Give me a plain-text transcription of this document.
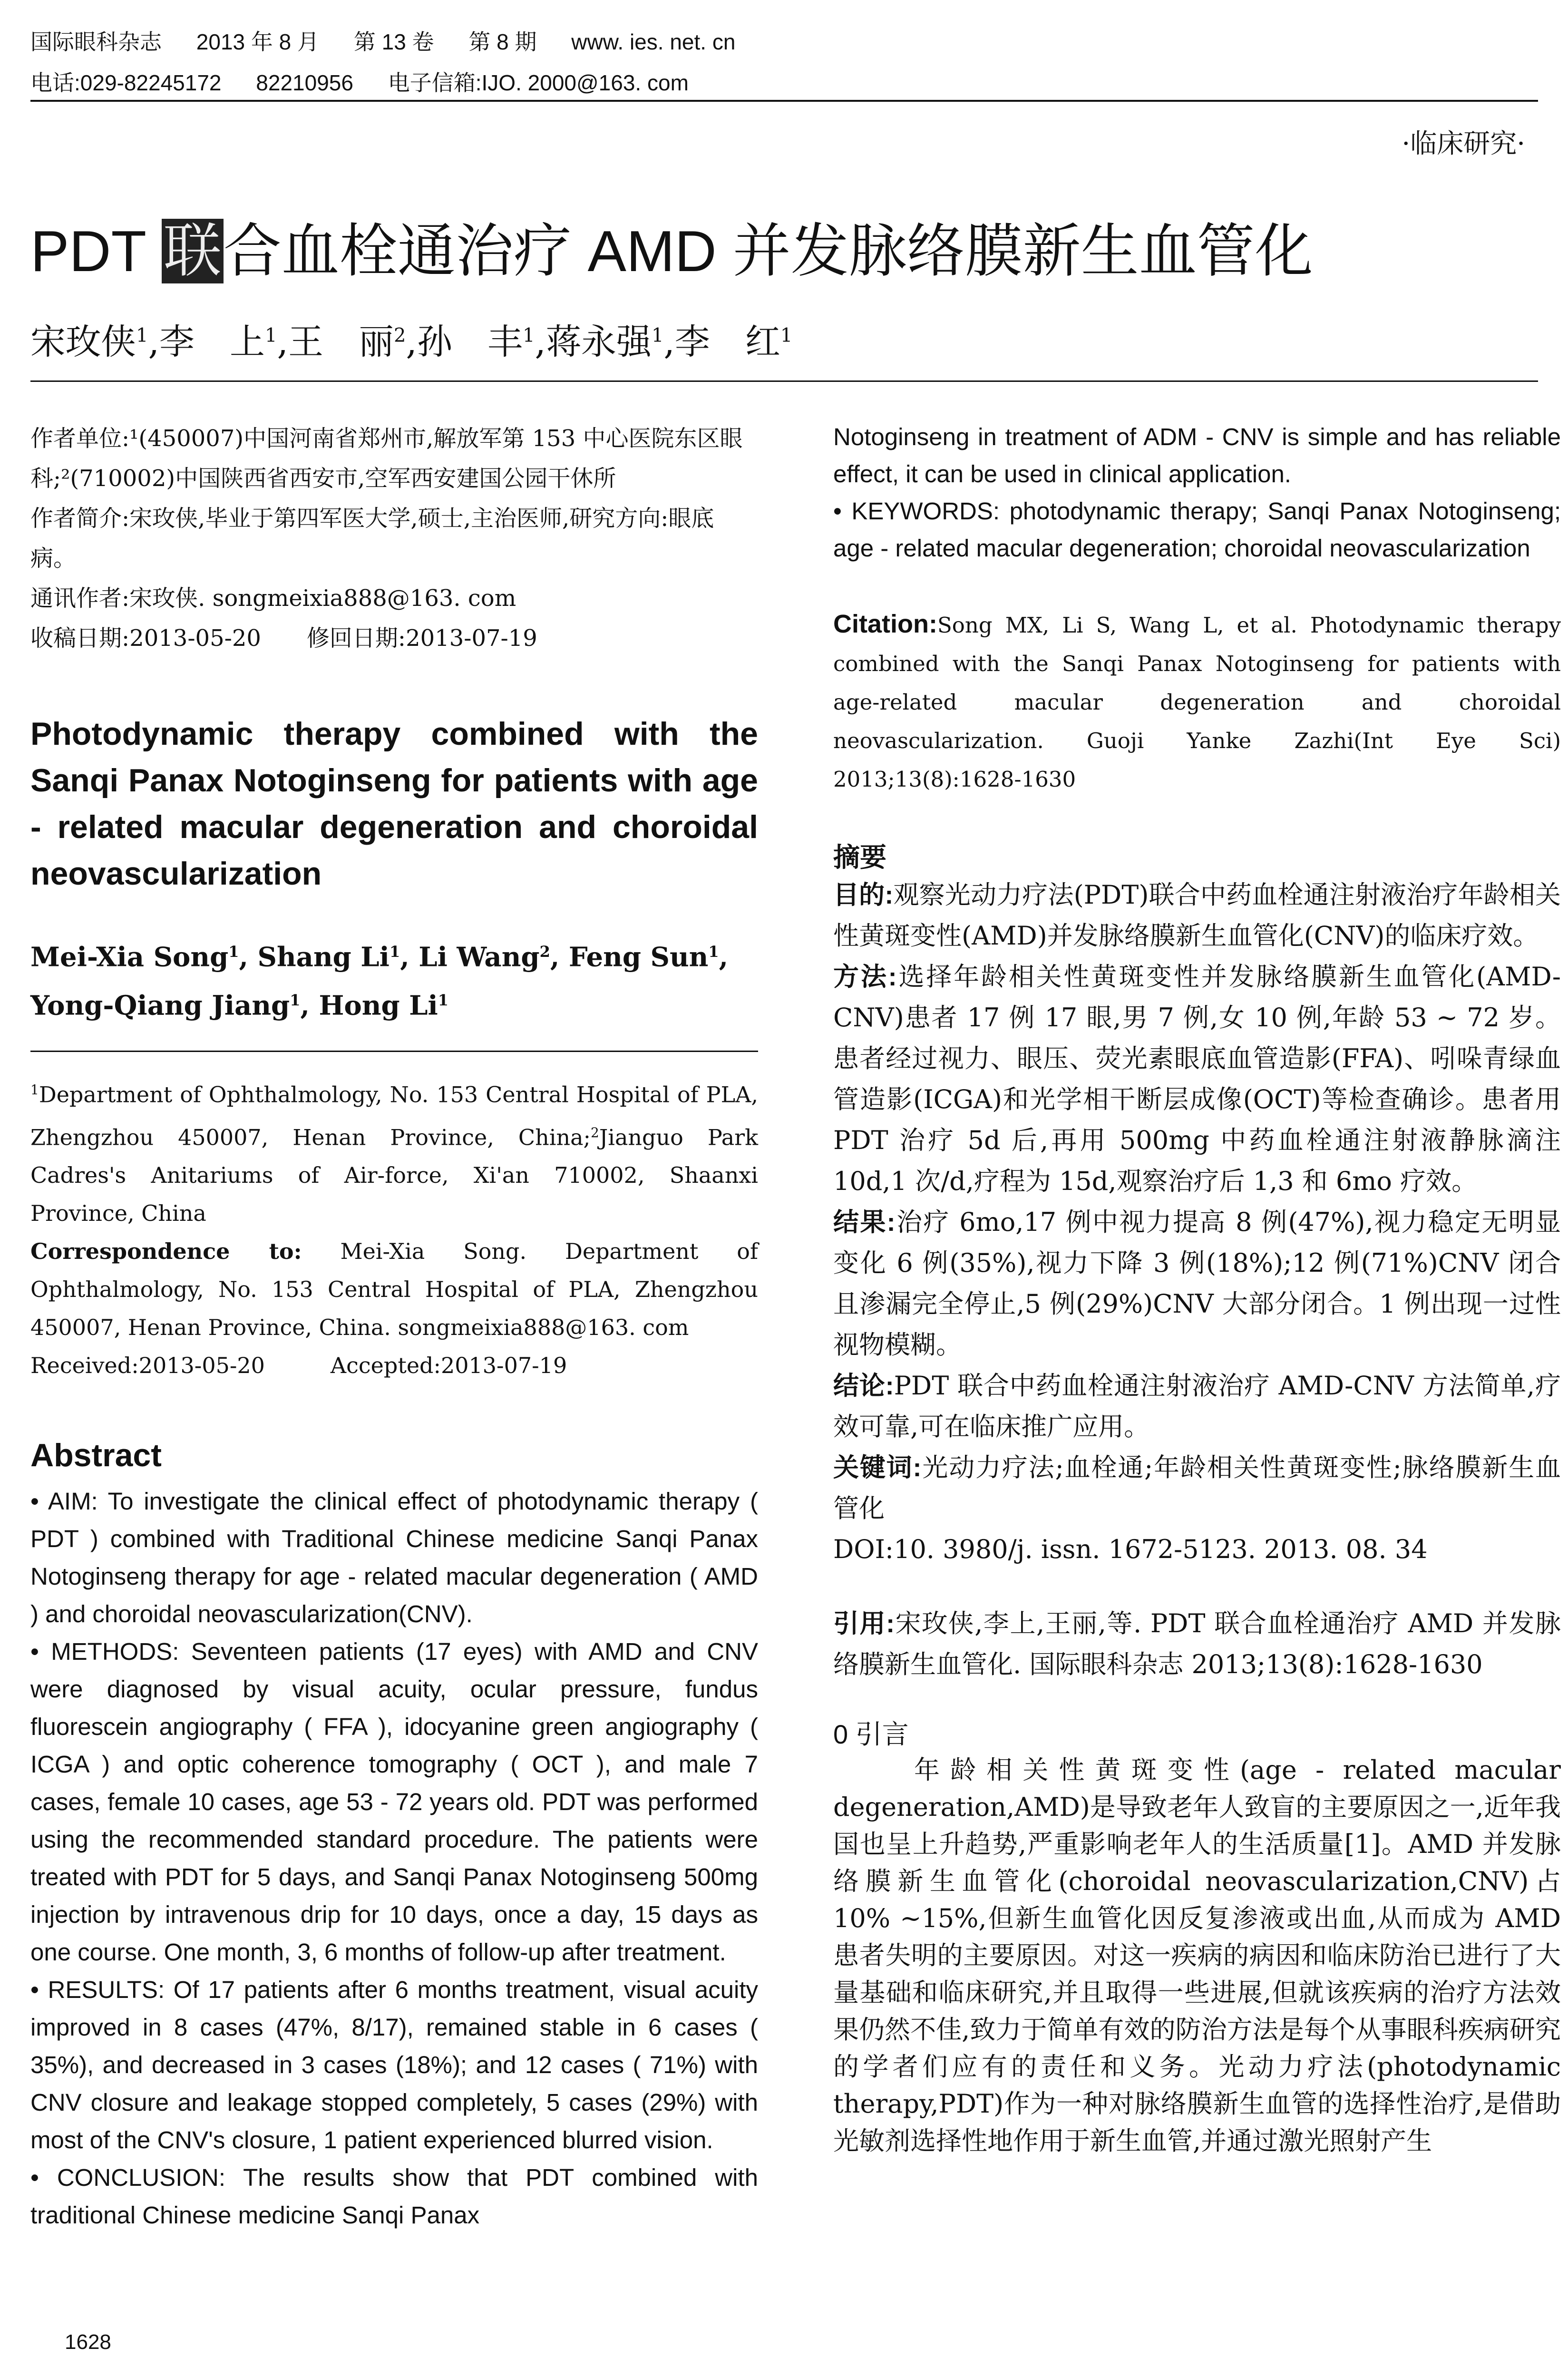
国际眼科杂志 2013 年 8 月 第 13 卷 第 8 期 www. ies. net. cn
电话:029-82245172 82210956 电子信箱:IJO. 2000@163. com
·临床研究·
PDT 联合血栓通治疗 AMD 并发脉络膜新生血管化
宋玫侠$^1$,李　上$^1$,王　丽$^2$,孙　丰$^1$,蒋永强$^1$,李　红$^1$

作者单位:¹(450007)中国河南省郑州市,解放军第 153 中心医院东区眼科;²(710002)中国陕西省西安市,空军西安建国公园干休所

作者简介:宋玫侠,毕业于第四军医大学,硕士,主治医师,研究方向:眼底病。

通讯作者:宋玫侠. songmeixia888@163. com

收稿日期:2013-05-20　　修回日期:2013-07-19

Photodynamic therapy combined with the Sanqi Panax Notoginseng for patients with age - related macular degeneration and choroidal neovascularization
Mei-Xia Song$^1$, Shang Li$^1$, Li Wang$^2$, Feng Sun$^1$,
Yong-Qiang Jiang$^1$, Hong Li$^1$
$^1$Department of Ophthalmology, No. 153 Central Hospital of PLA, Zhengzhou 450007, Henan Province, China;$^2$Jianguo Park Cadres's Anitariums of Air-force, Xi'an 710002, Shaanxi Province, China
Correspondence to: Mei-Xia Song. Department of Ophthalmology, No. 153 Central Hospital of PLA, Zhengzhou 450007, Henan Province, China. songmeixia888@163. com
Received:2013-05-20　　　Accepted:2013-07-19
Abstract

• AIM: To investigate the clinical effect of photodynamic therapy ( PDT ) combined with Traditional Chinese medicine Sanqi Panax Notoginseng therapy for age - related macular degeneration ( AMD ) and choroidal neovascularization(CNV).

• METHODS: Seventeen patients (17 eyes) with AMD and CNV were diagnosed by visual acuity, ocular pressure, fundus fluorescein angiography ( FFA ), idocyanine green angiography ( ICGA ) and optic coherence tomography ( OCT ), and male 7 cases, female 10 cases, age 53 - 72 years old. PDT was performed using the recommended standard procedure. The patients were treated with PDT for 5 days, and Sanqi Panax Notoginseng 500mg injection by intravenous drip for 10 days, once a day, 15 days as one course. One month, 3, 6 months of follow-up after treatment.

• RESULTS: Of 17 patients after 6 months treatment, visual acuity improved in 8 cases (47%, 8/17), remained stable in 6 cases ( 35%), and decreased in 3 cases (18%); and 12 cases ( 71%) with CNV closure and leakage stopped completely, 5 cases (29%) with most of the CNV's closure, 1 patient experienced blurred vision.

• CONCLUSION: The results show that PDT combined with traditional Chinese medicine Sanqi Panax

Notoginseng in treatment of ADM - CNV is simple and has reliable effect, it can be used in clinical application.

• KEYWORDS: photodynamic therapy; Sanqi Panax Notoginseng; age - related macular degeneration; choroidal neovascularization

Citation:Song MX, Li S, Wang L, et al. Photodynamic therapy combined with the Sanqi Panax Notoginseng for patients with age-related macular degeneration and choroidal neovascularization. Guoji Yanke Zazhi(Int Eye Sci) 2013;13(8):1628-1630
摘要

目的:观察光动力疗法(PDT)联合中药血栓通注射液治疗年龄相关性黄斑变性(AMD)并发脉络膜新生血管化(CNV)的临床疗效。

方法:选择年龄相关性黄斑变性并发脉络膜新生血管化(AMD-CNV)患者 17 例 17 眼,男 7 例,女 10 例,年龄 53 ~ 72 岁。患者经过视力、眼压、荧光素眼底血管造影(FFA)、吲哚青绿血管造影(ICGA)和光学相干断层成像(OCT)等检查确诊。患者用 PDT 治疗 5d 后,再用 500mg 中药血栓通注射液静脉滴注 10d,1 次/d,疗程为 15d,观察治疗后 1,3 和 6mo 疗效。

结果:治疗 6mo,17 例中视力提高 8 例(47%),视力稳定无明显变化 6 例(35%),视力下降 3 例(18%);12 例(71%)CNV 闭合且渗漏完全停止,5 例(29%)CNV 大部分闭合。1 例出现一过性视物模糊。

结论:PDT 联合中药血栓通注射液治疗 AMD-CNV 方法简单,疗效可靠,可在临床推广应用。

关键词:光动力疗法;血栓通;年龄相关性黄斑变性;脉络膜新生血管化

DOI:10. 3980/j. issn. 1672-5123. 2013. 08. 34

引用:宋玫侠,李上,王丽,等. PDT 联合血栓通治疗 AMD 并发脉络膜新生血管化. 国际眼科杂志 2013;13(8):1628-1630

0 引言

年龄相关性黄斑变性(age - related macular degeneration,AMD)是导致老年人致盲的主要原因之一,近年我国也呈上升趋势,严重影响老年人的生活质量[1]。AMD 并发脉络膜新生血管化(choroidal neovascularization,CNV)占 10% ~15%,但新生血管化因反复渗液或出血,从而成为 AMD 患者失明的主要原因。对这一疾病的病因和临床防治已进行了大量基础和临床研究,并且取得一些进展,但就该疾病的治疗方法效果仍然不佳,致力于简单有效的防治方法是每个从事眼科疾病研究的学者们应有的责任和义务。光动力疗法(photodynamic therapy,PDT)作为一种对脉络膜新生血管的选择性治疗,是借助光敏剂选择性地作用于新生血管,并通过激光照射产生

1628
